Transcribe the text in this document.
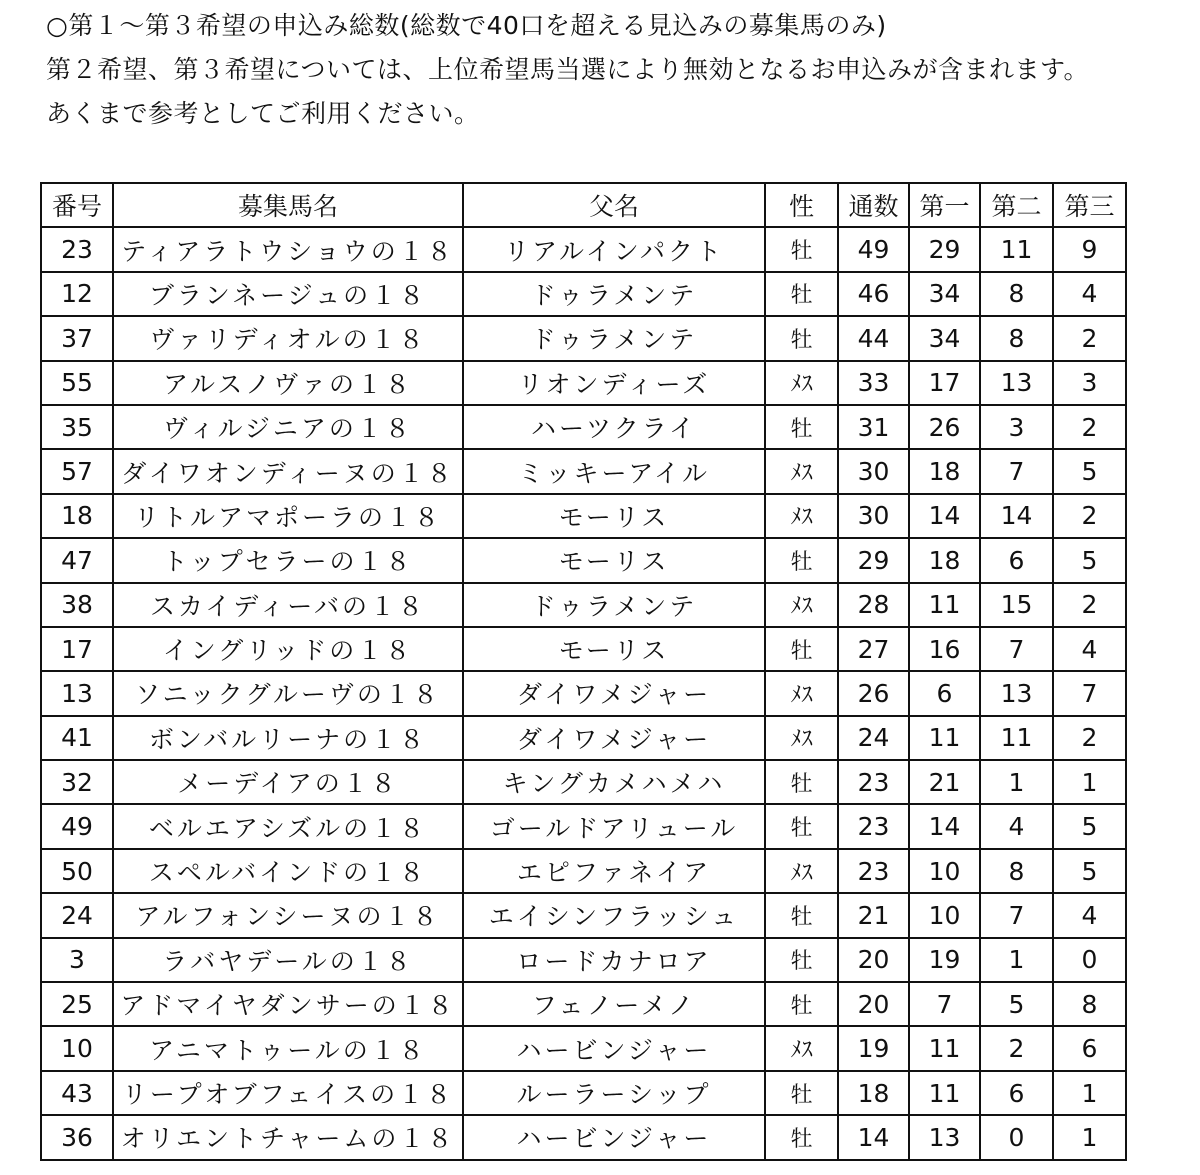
○第１～第３希望の申込み総数(総数で40口を超える見込みの募集馬のみ)

第２希望、第３希望については、上位希望馬当選により無効となるお申込みが含まれます。

あくまで参考としてご利用ください。

番号	募集馬名	父名	性	通数	第一	第二	第三
23	ティアラトウショウの１８	リアルインパクト	牡	49	29	11	9
12	ブランネージュの１８	ドゥラメンテ	牡	46	34	8	4
37	ヴァリディオルの１８	ドゥラメンテ	牡	44	34	8	2
55	アルスノヴァの１８	リオンディーズ	ﾒｽ	33	17	13	3
35	ヴィルジニアの１８	ハーツクライ	牡	31	26	3	2
57	ダイワオンディーヌの１８	ミッキーアイル	ﾒｽ	30	18	7	5
18	リトルアマポーラの１８	モーリス	ﾒｽ	30	14	14	2
47	トップセラーの１８	モーリス	牡	29	18	6	5
38	スカイディーバの１８	ドゥラメンテ	ﾒｽ	28	11	15	2
17	イングリッドの１８	モーリス	牡	27	16	7	4
13	ソニックグルーヴの１８	ダイワメジャー	ﾒｽ	26	6	13	7
41	ボンバルリーナの１８	ダイワメジャー	ﾒｽ	24	11	11	2
32	メーデイアの１８	キングカメハメハ	牡	23	21	1	1
49	ベルエアシズルの１８	ゴールドアリュール	牡	23	14	4	5
50	スペルバインドの１８	エピファネイア	ﾒｽ	23	10	8	5
24	アルフォンシーヌの１８	エイシンフラッシュ	牡	21	10	7	4
3	ラバヤデールの１８	ロードカナロア	牡	20	19	1	0
25	アドマイヤダンサーの１８	フェノーメノ	牡	20	7	5	8
10	アニマトゥールの１８	ハービンジャー	ﾒｽ	19	11	2	6
43	リープオブフェイスの１８	ルーラーシップ	牡	18	11	6	1
36	オリエントチャームの１８	ハービンジャー	牡	14	13	0	1
